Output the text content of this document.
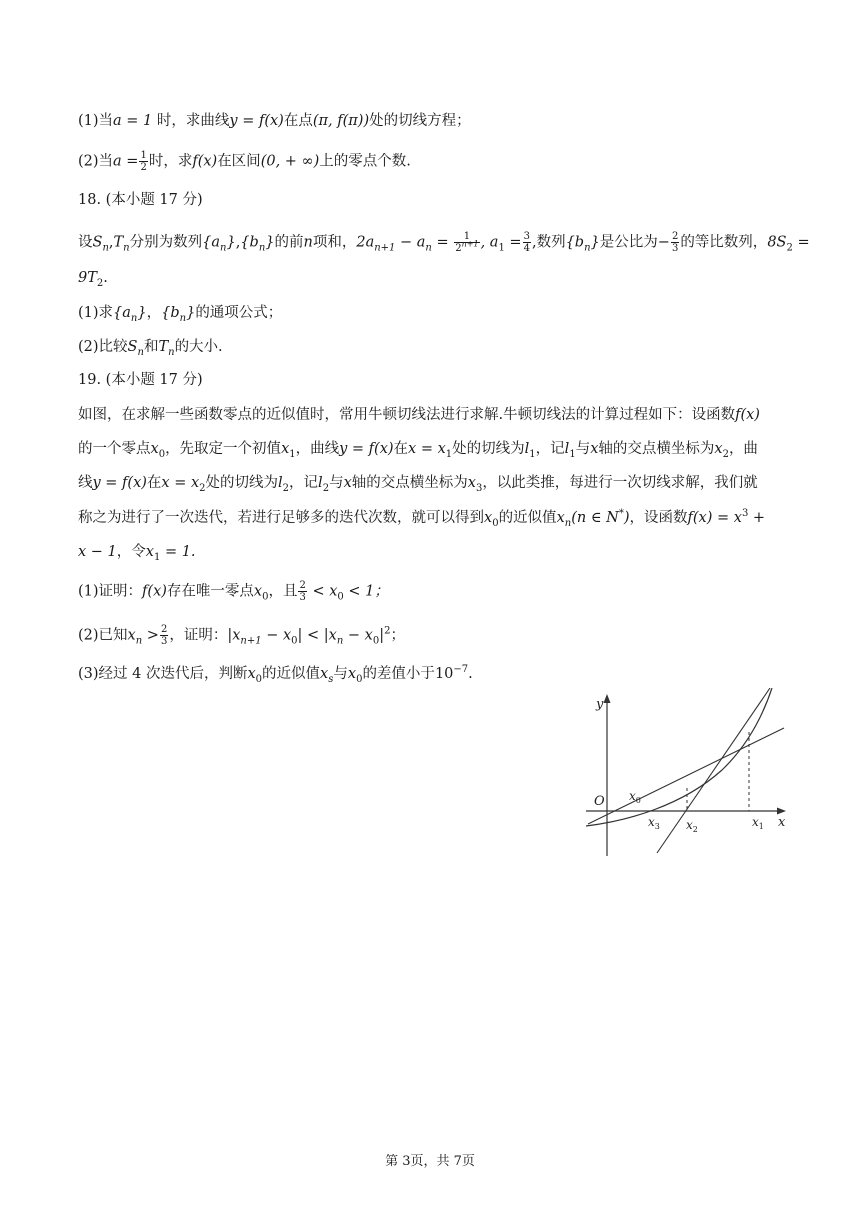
(1)当a = 1 时，求曲线y = f(x)在点(π, f(π))处的切线方程；
(2)当$a = \frac{1}{2}$ 时，求f(x)在区间(0, + ∞)上的零点个数.
18. (本小题 17 分)
设$S_n,T_n$分别为数列$\{a_n\},\{b_n\}$的前n项和，$2a_{n+1} - a_n = \frac{1}{2^{n+1}}$ , $a_1 = \frac{3}{4}$ ,数列$\{b_n\}$是公比为− $\frac{2}{3}$ 的等比数列，$8S_2$ =
$9T_2$.
(1)求$\{a_n\}$，$\{b_n\}$的通项公式；
(2)比较$S_n$和$T_n$的大小.
19. (本小题 17 分)
如图，在求解一些函数零点的近似值时，常用牛顿切线法进行求解.牛顿切线法的计算过程如下：设函数f(x)
的一个零点$x_0$，先取定一个初值$x_1$，曲线y = f(x)在$x = x_1$处的切线为$l_1$，记$l_1$与x轴的交点横坐标为$x_2$，曲
线y = f(x)在$x = x_2$处的切线为$l_2$，记$l_2$与x轴的交点横坐标为$x_3$，以此类推，每进行一次切线求解，我们就
称之为进行了一次迭代，若进行足够多的迭代次数，就可以得到$x_0$的近似值$x_n(n$ ∈ N*)，设函数$f(x) = x^3$ +
x − 1，令$x_1 = 1$.
(1)证明：f(x)存在唯一零点$x_0$，且 $\frac{2}{3} < x_0 < 1$；
(2)已知$x_n > \frac{2}{3}$ ，证明：$|x_{n+1} - x_0| < |x_n - x_0|^2$；
(3)经过 4 次迭代后，判断$x_0$的近似值$x_s$与$x_0$的差值小于$10^{-7}$.
y
x
O $x_0$
$x_3$ $x_2$
$x_1$
第 3页，共 7页
